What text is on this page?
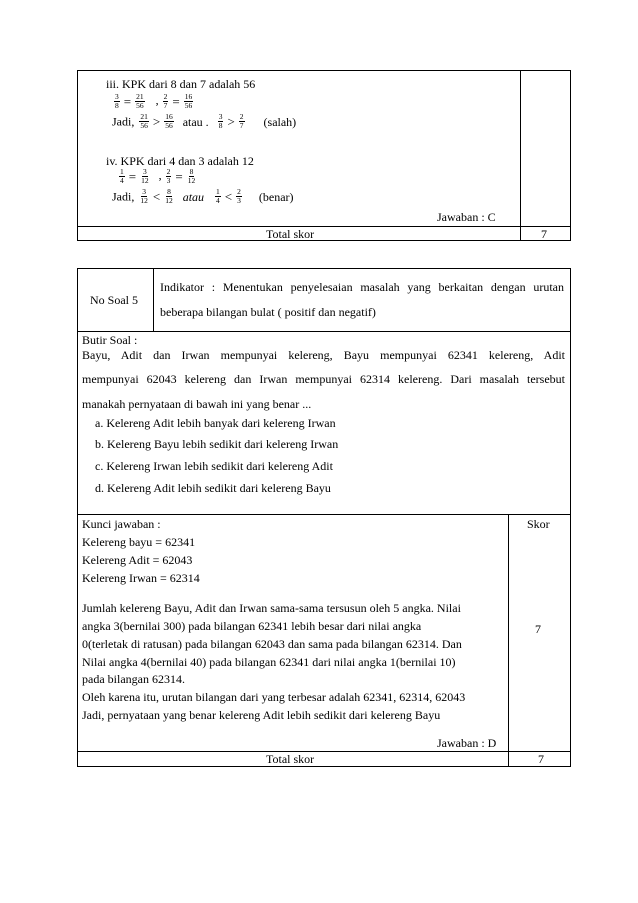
iii. KPK dari 8 dan 7 adalah 56
$\frac{3}{8} = \frac{21}{56}$ , $\frac{2}{7} = \frac{16}{56}$
Jadi, $\frac{21}{56} > \frac{16}{56}$ atau . $\frac{3}{8} > \frac{2}{7}$ (salah)
iv. KPK dari 4 dan 3 adalah 12
$\frac{1}{4} = \frac{3}{12}$ , $\frac{2}{3} = \frac{8}{12}$
Jadi, $\frac{3}{12} < \frac{8}{12}$ atau $\frac{1}{4} < \frac{2}{3}$ (benar)
Jawaban : C
Total skor	7
No Soal 5
Indikator : Menentukan penyelesaian masalah yang berkaitan dengan urutan
beberapa bilangan bulat ( positif dan negatif)
Butir Soal :
Bayu, Adit dan Irwan mempunyai kelereng, Bayu mempunyai 62341 kelereng, Adit
mempunyai 62043 kelereng dan Irwan mempunyai 62314 kelereng. Dari masalah tersebut
manakah pernyataan di bawah ini yang benar ...
a. Kelereng Adit lebih banyak dari kelereng Irwan
b. Kelereng Bayu lebih sedikit dari kelereng Irwan
c. Kelereng Irwan lebih sedikit dari kelereng Adit
d. Kelereng Adit lebih sedikit dari kelereng Bayu
Kunci jawaban :	Skor
Kelereng bayu = 62341
Kelereng Adit = 62043
Kelereng Irwan = 62314
Jumlah kelereng Bayu, Adit dan Irwan sama-sama tersusun oleh 5 angka. Nilai
angka 3(bernilai 300) pada bilangan 62341 lebih besar dari nilai angka
0(terletak di ratusan) pada bilangan 62043 dan sama pada bilangan 62314. Dan
Nilai angka 4(bernilai 40) pada bilangan 62341 dari nilai angka 1(bernilai 10)
pada bilangan 62314.
Oleh karena itu, urutan bilangan dari yang terbesar adalah 62341, 62314, 62043
Jadi, pernyataan yang benar kelereng Adit lebih sedikit dari kelereng Bayu
7
Jawaban : D
Total skor	7
